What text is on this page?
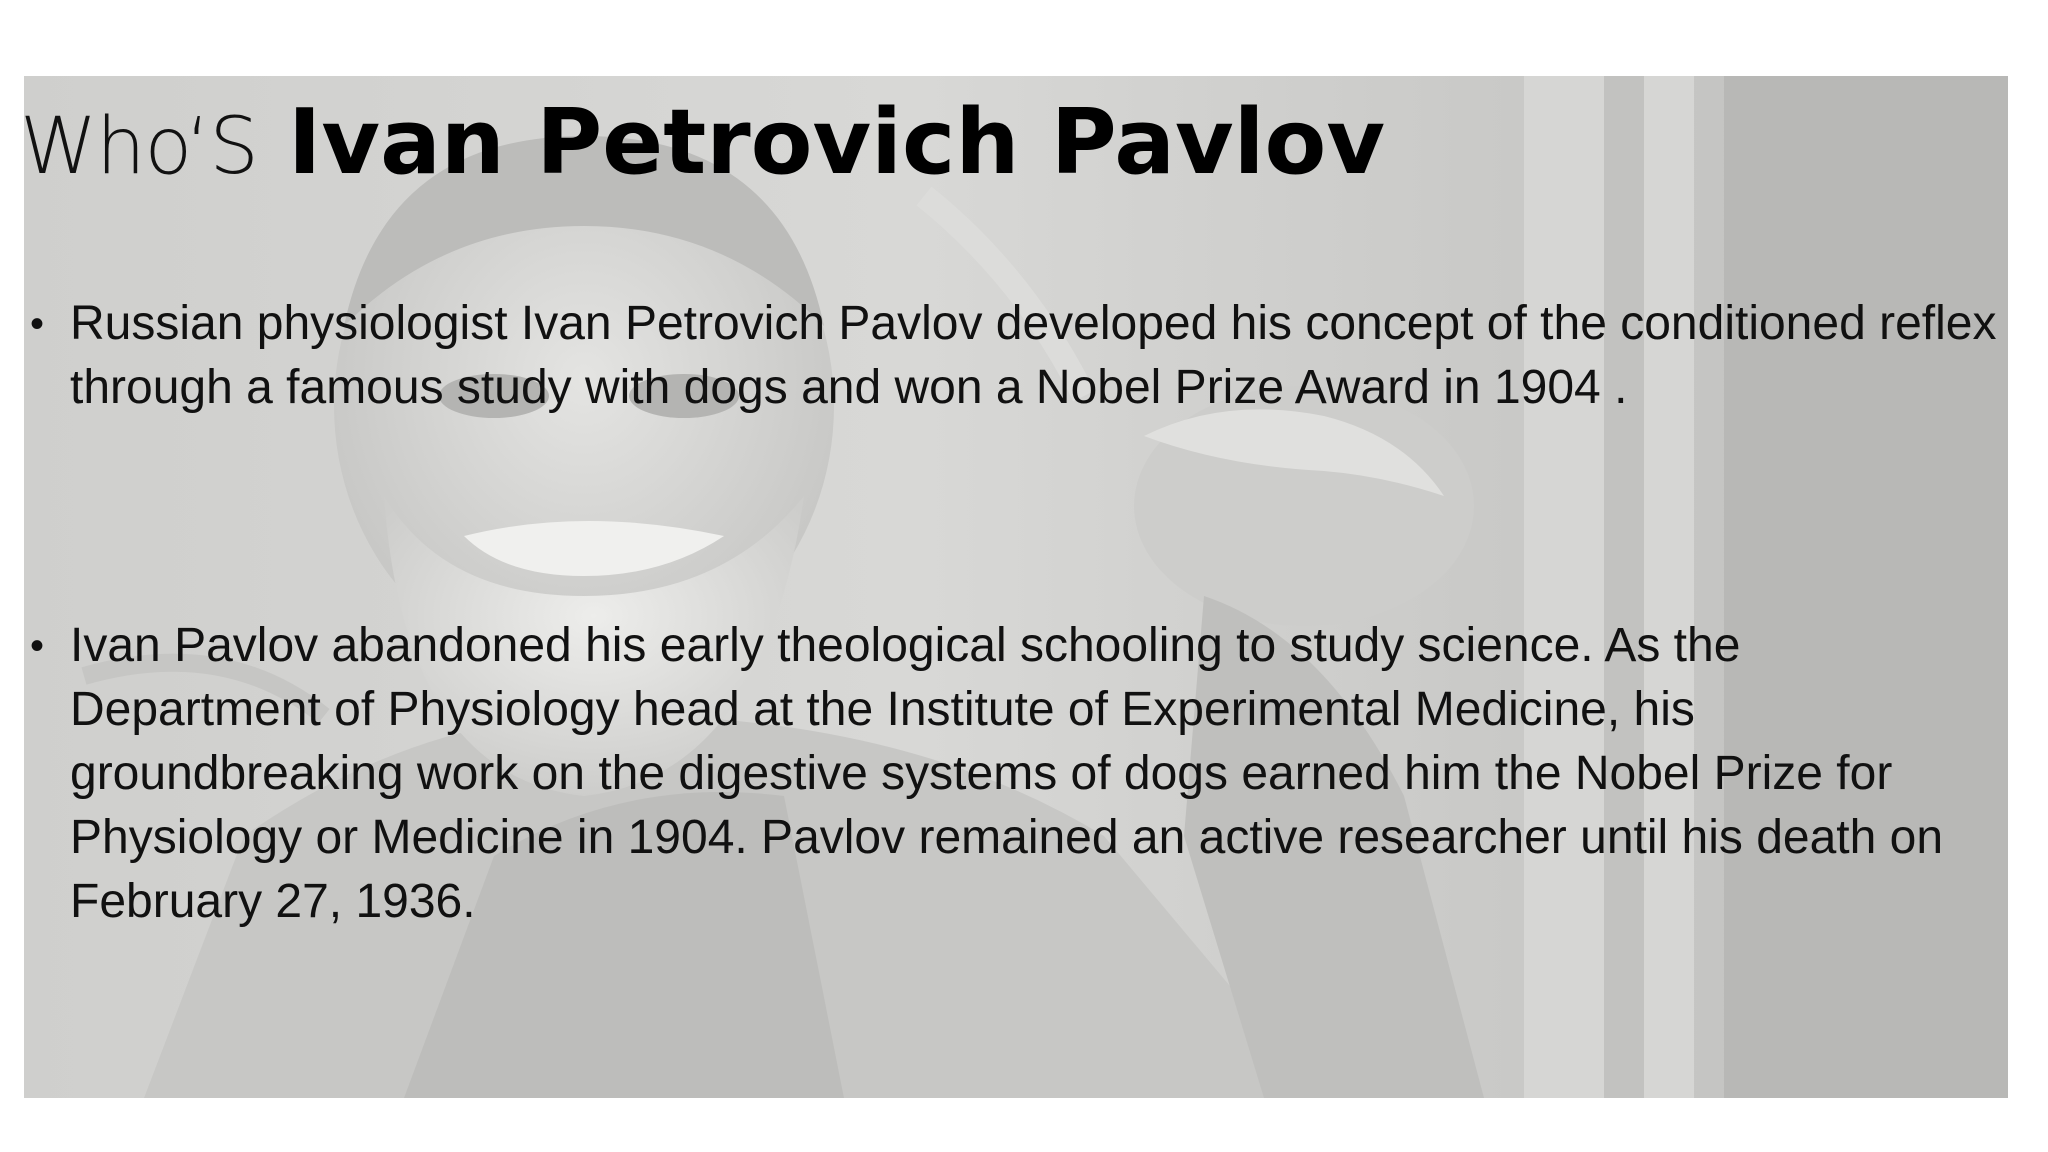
Who‘S Ivan Petrovich Pavlov
• Russian physiologist Ivan Petrovich Pavlov developed his concept of the conditioned reflex through a famous study with dogs and won a Nobel Prize Award in 1904 .
• Ivan Pavlov abandoned his early theological schooling to study science. As the Department of Physiology head at the Institute of Experimental Medicine, his groundbreaking work on the digestive systems of dogs earned him the Nobel Prize for Physiology or Medicine in 1904. Pavlov remained an active researcher until his death on February 27, 1936.
